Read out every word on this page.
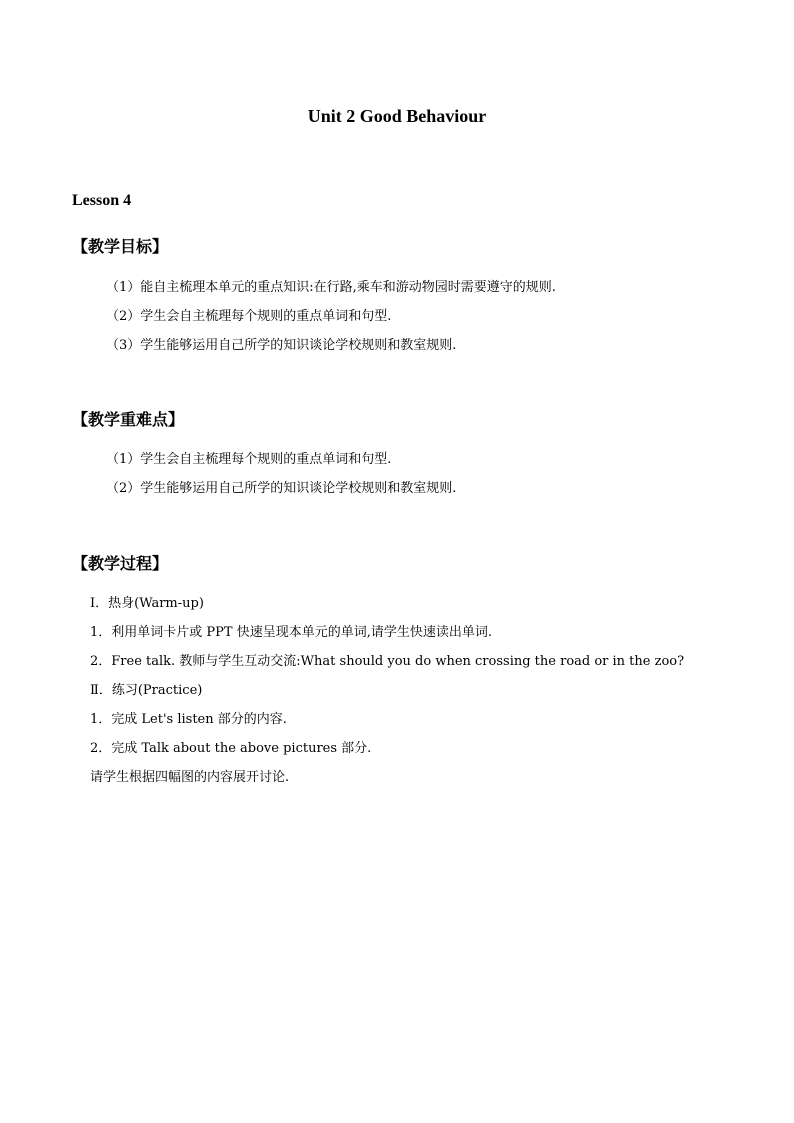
Unit 2 Good Behaviour
Lesson 4
【教学目标】
（1）能自主梳理本单元的重点知识:在行路,乘车和游动物园时需要遵守的规则.
（2）学生会自主梳理每个规则的重点单词和句型.
（3）学生能够运用自己所学的知识谈论学校规则和教室规则.
【教学重难点】
（1）学生会自主梳理每个规则的重点单词和句型.
（2）学生能够运用自己所学的知识谈论学校规则和教室规则.
【教学过程】
Ⅰ．热身(Warm-up)
1．利用单词卡片或 PPT 快速呈现本单元的单词,请学生快速读出单词.
2．Free talk. 教师与学生互动交流:What should you do when crossing the road or in the zoo?
Ⅱ．练习(Practice)
1．完成 Let's listen 部分的内容.
2．完成 Talk about the above pictures 部分.
请学生根据四幅图的内容展开讨论.
